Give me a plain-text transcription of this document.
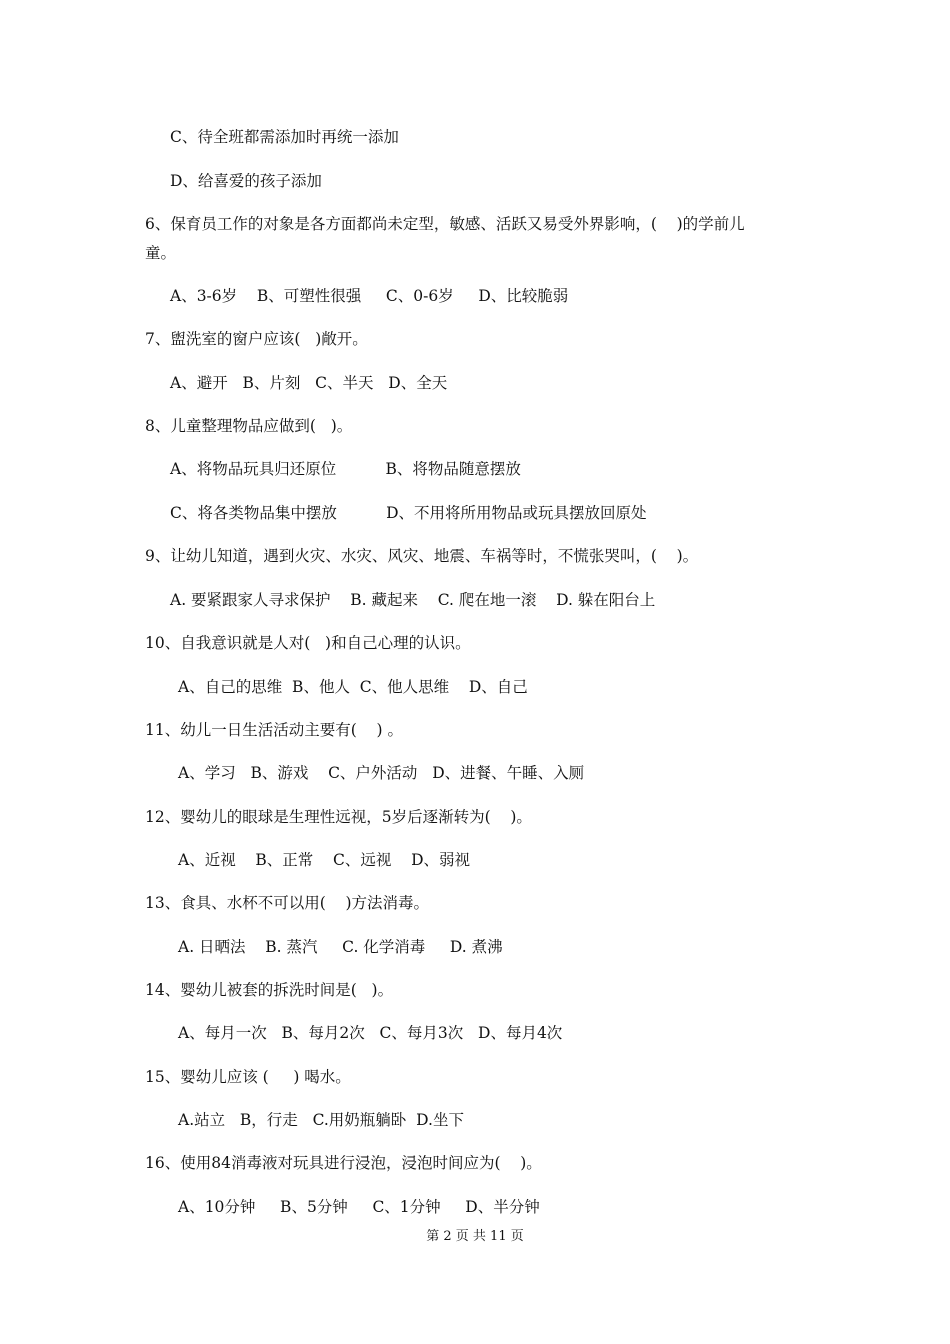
C、待全班都需添加时再统一添加
D、给喜爱的孩子添加
6、保育员工作的对象是各方面都尚未定型，敏感、活跃又易受外界影响，(    )的学前儿
童。
A、3-6岁    B、可塑性很强     C、0-6岁     D、比较脆弱
7、盥洗室的窗户应该(   )敞开。
A、避开   B、片刻   C、半天   D、全天
8、儿童整理物品应做到(   )。
A、将物品玩具归还原位          B、将物品随意摆放
C、将各类物品集中摆放          D、不用将所用物品或玩具摆放回原处
9、让幼儿知道，遇到火灾、水灾、风灾、地震、车祸等时，不慌张哭叫，(    )。
A. 要紧跟家人寻求保护    B. 藏起来    C. 爬在地一滚    D. 躲在阳台上
10、自我意识就是人对(   )和自己心理的认识。
A、自己的思维  B、他人  C、他人思维    D、自己
11、幼儿一日生活活动主要有(    ) 。
A、学习   B、游戏    C、户外活动   D、进餐、午睡、入厕
12、婴幼儿的眼球是生理性远视，5岁后逐渐转为(    )。
A、近视    B、正常    C、远视    D、弱视
13、食具、水杯不可以用(    )方法消毒。
A. 日晒法    B. 蒸汽     C. 化学消毒     D. 煮沸
14、婴幼儿被套的拆洗时间是(   )。
A、每月一次   B、每月2次   C、每月3次   D、每月4次
15、婴幼儿应该 (     ) 喝水。
A.站立   B，行走   C.用奶瓶躺卧  D.坐下
16、使用84消毒液对玩具进行浸泡，浸泡时间应为(    )。
A、10分钟     B、5分钟     C、1分钟     D、半分钟
第 2 页 共 11 页
